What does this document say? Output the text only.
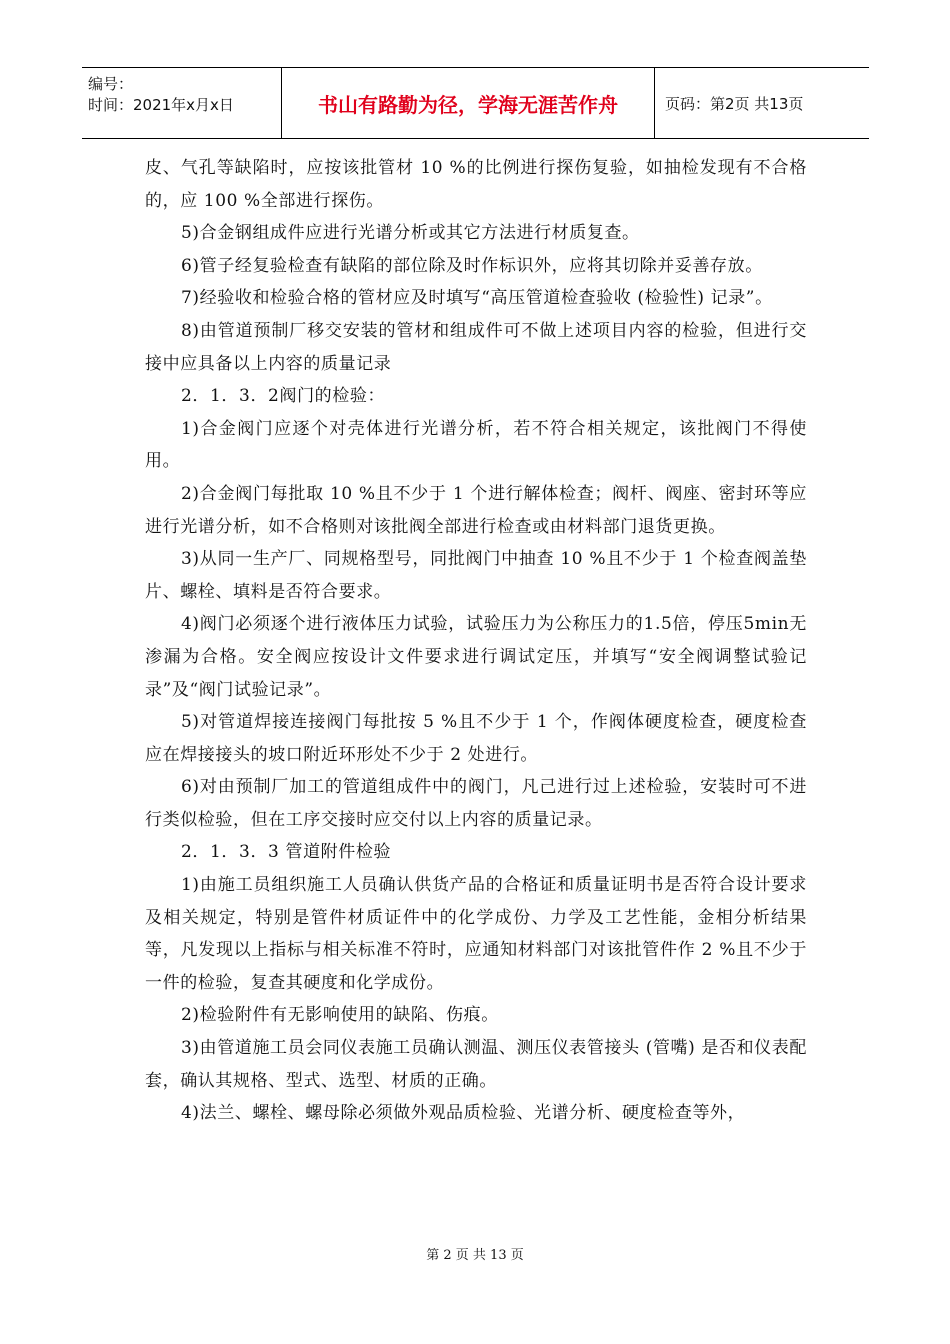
编号：
时间：2021年x月x日	书山有路勤为径，学海无涯苦作舟	页码：第2页 共13页

皮、气孔等缺陷时，应按该批管材 10 %的比例进行探伤复验，如抽检发现有不合格的，应 100 %全部进行探伤。

5)合金钢组成件应进行光谱分析或其它方法进行材质复查。

6)管子经复验检查有缺陷的部位除及时作标识外，应将其切除并妥善存放。

7)经验收和检验合格的管材应及时填写“高压管道检查验收 (检验性) 记录”。

8)由管道预制厂移交安装的管材和组成件可不做上述项目内容的检验，但进行交接中应具备以上内容的质量记录

2．1．3．2阀门的检验：

1)合金阀门应逐个对壳体进行光谱分析，若不符合相关规定，该批阀门不得使用。

2)合金阀门每批取 10 %且不少于 1 个进行解体检查；阀杆、阀座、密封环等应进行光谱分析，如不合格则对该批阀全部进行检查或由材料部门退货更换。

3)从同一生产厂、同规格型号，同批阀门中抽查 10 %且不少于 1 个检查阀盖垫片、螺栓、填料是否符合要求。

4)阀门必须逐个进行液体压力试验，试验压力为公称压力的1.5倍，停压5min无渗漏为合格。安全阀应按设计文件要求进行调试定压，并填写“安全阀调整试验记录”及“阀门试验记录”。

5)对管道焊接连接阀门每批按 5 %且不少于 1 个，作阀体硬度检查，硬度检查应在焊接接头的坡口附近环形处不少于 2 处进行。

6)对由预制厂加工的管道组成件中的阀门，凡己进行过上述检验，安装时可不进行类似检验，但在工序交接时应交付以上内容的质量记录。

2．1．3．3 管道附件检验

1)由施工员组织施工人员确认供货产品的合格证和质量证明书是否符合设计要求及相关规定，特别是管件材质证件中的化学成份、力学及工艺性能，金相分析结果等，凡发现以上指标与相关标准不符时，应通知材料部门对该批管件作 2 %且不少于一件的检验，复查其硬度和化学成份。

2)检验附件有无影响使用的缺陷、伤痕。

3)由管道施工员会同仪表施工员确认测温、测压仪表管接头 (管嘴) 是否和仪表配套，确认其规格、型式、选型、材质的正确。

4)法兰、螺栓、螺母除必须做外观品质检验、光谱分析、硬度检查等外，

第 2 页 共 13 页
